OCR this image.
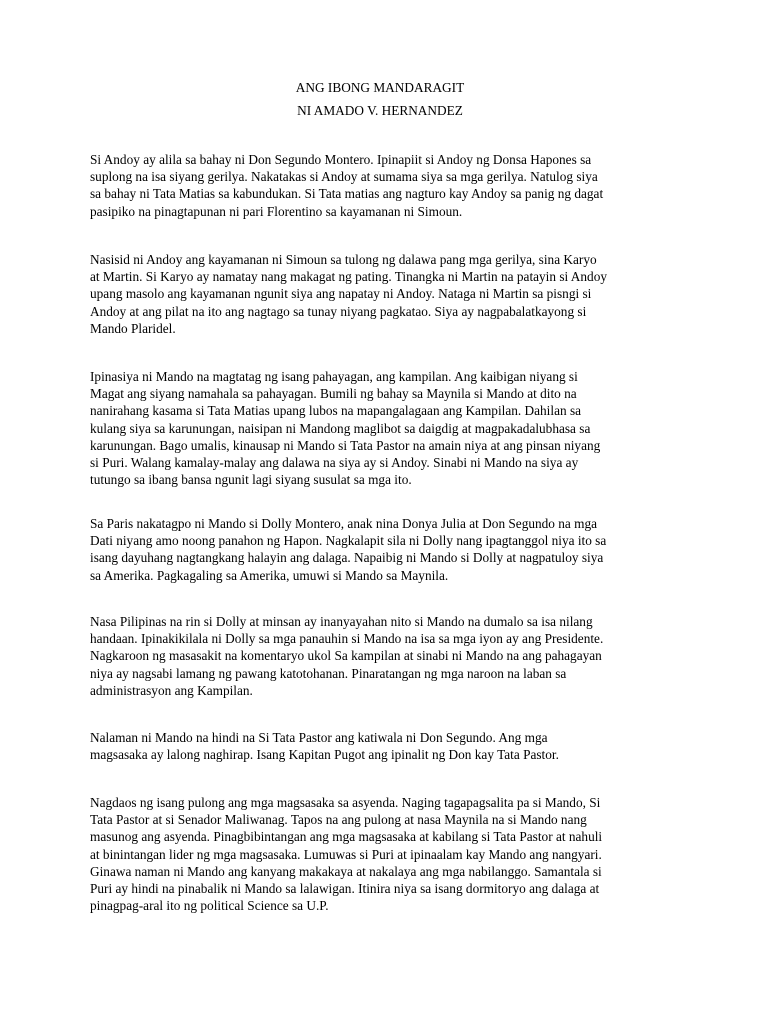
ANG IBONG MANDARAGIT
NI AMADO V. HERNANDEZ

Si Andoy ay alila sa bahay ni Don Segundo Montero. Ipinapiit si Andoy ng Donsa Hapones sa
suplong na isa siyang gerilya. Nakatakas si Andoy at sumama siya sa mga gerilya. Natulog siya
sa bahay ni Tata Matias sa kabundukan. Si Tata matias ang nagturo kay Andoy sa panig ng dagat
pasipiko na pinagtapunan ni pari Florentino sa kayamanan ni Simoun.

Nasisid ni Andoy ang kayamanan ni Simoun sa tulong ng dalawa pang mga gerilya, sina Karyo
at Martin. Si Karyo ay namatay nang makagat ng pating. Tinangka ni Martin na patayin si Andoy
upang masolo ang kayamanan ngunit siya ang napatay ni Andoy. Nataga ni Martin sa pisngi si
Andoy at ang pilat na ito ang nagtago sa tunay niyang pagkatao. Siya ay nagpabalatkayong si
Mando Plaridel.

Ipinasiya ni Mando na magtatag ng isang pahayagan, ang kampilan. Ang kaibigan niyang si
Magat ang siyang namahala sa pahayagan. Bumili ng bahay sa Maynila si Mando at dito na
nanirahang kasama si Tata Matias upang lubos na mapangalagaan ang Kampilan. Dahilan sa
kulang siya sa karunungan, naisipan ni Mandong maglibot sa daigdig at magpakadalubhasa sa
karunungan. Bago umalis, kinausap ni Mando si Tata Pastor na amain niya at ang pinsan niyang
si Puri. Walang kamalay-malay ang dalawa na siya ay si Andoy. Sinabi ni Mando na siya ay
tutungo sa ibang bansa ngunit lagi siyang susulat sa mga ito.

Sa Paris nakatagpo ni Mando si Dolly Montero, anak nina Donya Julia at Don Segundo na mga
Dati niyang amo noong panahon ng Hapon. Nagkalapit sila ni Dolly nang ipagtanggol niya ito sa
isang dayuhang nagtangkang halayin ang dalaga. Napaibig ni Mando si Dolly at nagpatuloy siya
sa Amerika. Pagkagaling sa Amerika, umuwi si Mando sa Maynila.

Nasa Pilipinas na rin si Dolly at minsan ay inanyayahan nito si Mando na dumalo sa isa nilang
handaan. Ipinakikilala ni Dolly sa mga panauhin si Mando na isa sa mga iyon ay ang Presidente.
Nagkaroon ng masasakit na komentaryo ukol Sa kampilan at sinabi ni Mando na ang pahagayan
niya ay nagsabi lamang ng pawang katotohanan. Pinaratangan ng mga naroon na laban sa
administrasyon ang Kampilan.

Nalaman ni Mando na hindi na Si Tata Pastor ang katiwala ni Don Segundo. Ang mga
magsasaka ay lalong naghirap. Isang Kapitan Pugot ang ipinalit ng Don kay Tata Pastor.

Nagdaos ng isang pulong ang mga magsasaka sa asyenda. Naging tagapagsalita pa si Mando, Si
Tata Pastor at si Senador Maliwanag. Tapos na ang pulong at nasa Maynila na si Mando nang
masunog ang asyenda. Pinagbibintangan ang mga magsasaka at kabilang si Tata Pastor at nahuli
at binintangan lider ng mga magsasaka. Lumuwas si Puri at ipinaalam kay Mando ang nangyari.
Ginawa naman ni Mando ang kanyang makakaya at nakalaya ang mga nabilanggo. Samantala si
Puri ay hindi na pinabalik ni Mando sa lalawigan. Itinira niya sa isang dormitoryo ang dalaga at
pinagpag-aral ito ng political Science sa U.P.
